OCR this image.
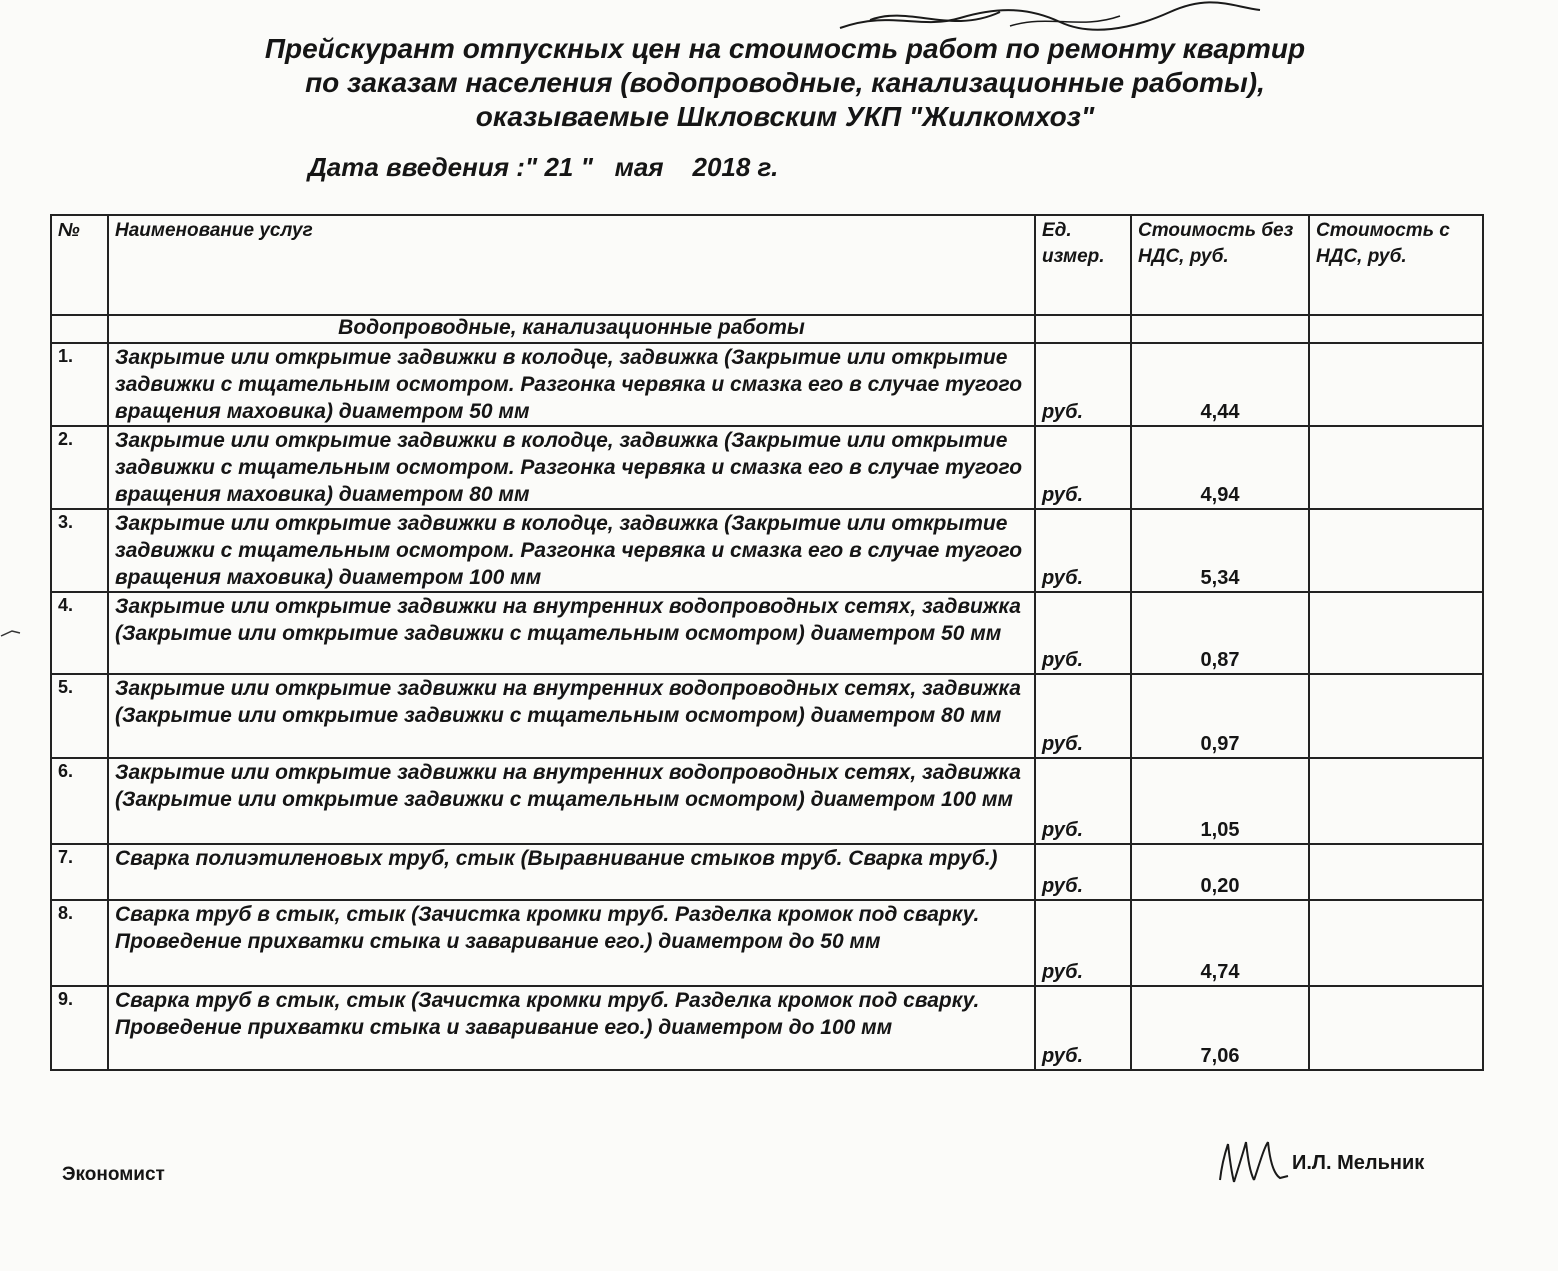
Прейскурант отпускных цен на стоимость работ по ремонту квартир
по заказам населения (водопроводные, канализационные работы),
оказываемые Шкловским УКП "Жилкомхоз"
Дата введения :" 21 "   мая    2018 г.
№	Наименование услуг	Ед. измер.	Стоимость без НДС, руб.	Стоимость с НДС, руб.
	Водопроводные, канализационные работы			
1.	Закрытие или открытие задвижки в колодце, задвижка (Закрытие или открытие задвижки с тщательным осмотром. Разгонка червяка и смазка его в случае тугого вращения маховика) диаметром 50 мм	руб.	4,44	
2.	Закрытие или открытие задвижки в колодце, задвижка (Закрытие или открытие задвижки с тщательным осмотром. Разгонка червяка и смазка его в случае тугого вращения маховика) диаметром 80 мм	руб.	4,94	
3.	Закрытие или открытие задвижки в колодце, задвижка (Закрытие или открытие задвижки с тщательным осмотром. Разгонка червяка и смазка его в случае тугого вращения маховика) диаметром 100 мм	руб.	5,34	
4.	Закрытие или открытие задвижки на внутренних водопроводных сетях, задвижка (Закрытие или открытие задвижки с тщательным осмотром) диаметром 50 мм	руб.	0,87	
5.	Закрытие или открытие задвижки на внутренних водопроводных сетях, задвижка (Закрытие или открытие задвижки с тщательным осмотром) диаметром 80 мм	руб.	0,97	
6.	Закрытие или открытие задвижки на внутренних водопроводных сетях, задвижка (Закрытие или открытие задвижки с тщательным осмотром) диаметром 100 мм	руб.	1,05	
7.	Сварка полиэтиленовых труб, стык (Выравнивание стыков труб. Сварка труб.)	руб.	0,20	
8.	Сварка труб в стык, стык (Зачистка кромки труб. Разделка кромок под сварку. Проведение прихватки стыка и заваривание его.) диаметром до 50 мм	руб.	4,74	
9.	Сварка труб в стык, стык (Зачистка кромки труб. Разделка кромок под сварку. Проведение прихватки стыка и заваривание его.) диаметром до 100 мм	руб.	7,06	
Экономист
И.Л. Мельник
